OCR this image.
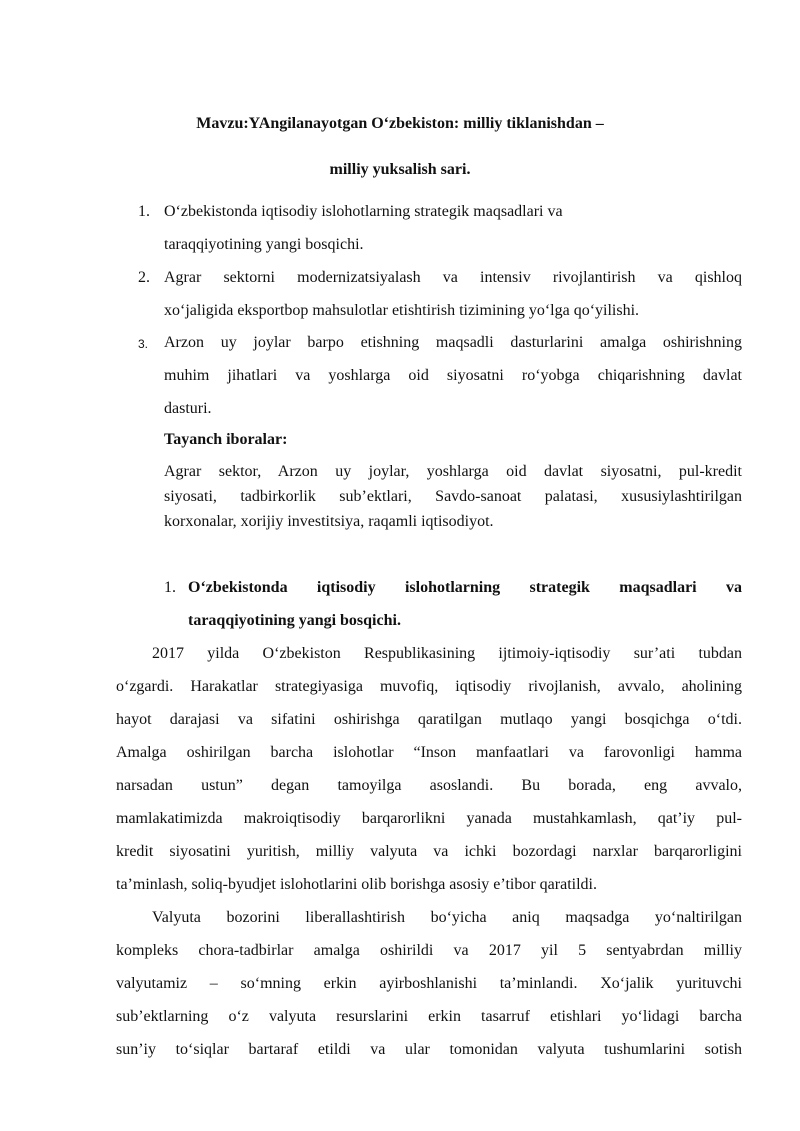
Mavzu:YAngilanayotgan O‘zbekiston: milliy tiklanishdan –
milliy yuksalish sari.
1. O‘zbekistonda iqtisodiy islohotlarning strategik maqsadlari va
taraqqiyotining yangi bosqichi.
2. Agrar sektorni modernizatsiyalash va intensiv rivojlantirish va qishloq
xo‘jaligida eksportbop mahsulotlar etishtirish tizimining yo‘lga qo‘yilishi.
3. Arzon uy joylar barpo etishning maqsadli dasturlarini amalga oshirishning
muhim jihatlari va yoshlarga oid siyosatni ro‘yobga chiqarishning davlat
dasturi.
Tayanch iboralar:
Agrar sektor, Arzon uy joylar, yoshlarga oid davlat siyosatni, pul-kredit
siyosati, tadbirkorlik sub’ektlari, Savdo-sanoat palatasi, xususiylashtirilgan
korxonalar, xorijiy investitsiya, raqamli iqtisodiyot.
1. O‘zbekistonda iqtisodiy islohotlarning strategik maqsadlari va
taraqqiyotining yangi bosqichi.
2017 yilda O‘zbekiston Respublikasining ijtimoiy-iqtisodiy sur’ati tubdan
o‘zgardi. Harakatlar strategiyasiga muvofiq, iqtisodiy rivojlanish, avvalo, aholining
hayot darajasi va sifatini oshirishga qaratilgan mutlaqo yangi bosqichga o‘tdi.
Amalga oshirilgan barcha islohotlar “Inson manfaatlari va farovonligi hamma
narsadan ustun” degan tamoyilga asoslandi. Bu borada, eng avvalo,
mamlakatimizda makroiqtisodiy barqarorlikni yanada mustahkamlash, qat’iy pul-
kredit siyosatini yuritish, milliy valyuta va ichki bozordagi narxlar barqarorligini
ta’minlash, soliq-byudjet islohotlarini olib borishga asosiy e’tibor qaratildi.
Valyuta bozorini liberallashtirish bo‘yicha aniq maqsadga yo‘naltirilgan
kompleks chora-tadbirlar amalga oshirildi va 2017 yil 5 sentyabrdan milliy
valyutamiz – so‘mning erkin ayirboshlanishi ta’minlandi. Xo‘jalik yurituvchi
sub’ektlarning o‘z valyuta resurslarini erkin tasarruf etishlari yo‘lidagi barcha
sun’iy to‘siqlar bartaraf etildi va ular tomonidan valyuta tushumlarini sotish
